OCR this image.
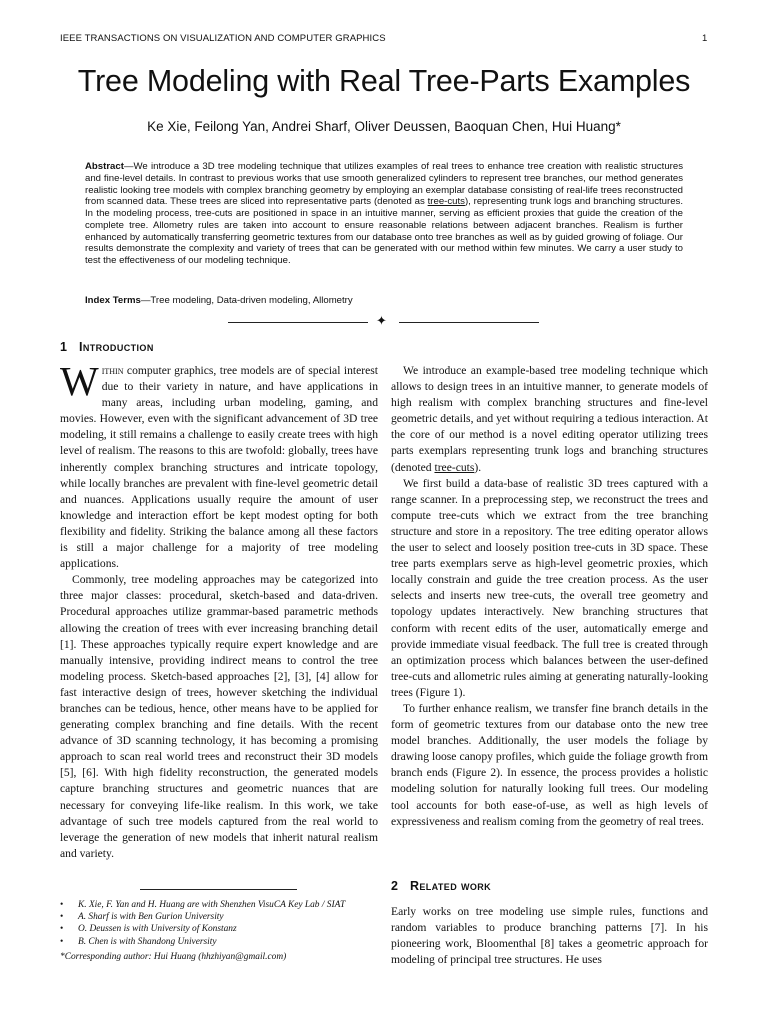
IEEE TRANSACTIONS ON VISUALIZATION AND COMPUTER GRAPHICS	1
Tree Modeling with Real Tree-Parts Examples
Ke Xie, Feilong Yan, Andrei Sharf, Oliver Deussen, Baoquan Chen, Hui Huang*

Abstract—We introduce a 3D tree modeling technique that utilizes examples of real trees to enhance tree creation with realistic structures and fine-level details. In contrast to previous works that use smooth generalized cylinders to represent tree branches, our method generates realistic looking tree models with complex branching geometry by employing an exemplar database consisting of real-life trees reconstructed from scanned data. These trees are sliced into representative parts (denoted as tree-cuts), representing trunk logs and branching structures. In the modeling process, tree-cuts are positioned in space in an intuitive manner, serving as efficient proxies that guide the creation of the complete tree. Allometry rules are taken into account to ensure reasonable relations between adjacent branches. Realism is further enhanced by automatically transferring geometric textures from our database onto tree branches as well as by guided growing of foliage. Our results demonstrate the complexity and variety of trees that can be generated with our method within few minutes. We carry a user study to test the effectiveness of our modeling technique.

Index Terms—Tree modeling, Data-driven modeling, Allometry

✦
1 Introduction

Within computer graphics, tree models are of special interest due to their variety in nature, and have applications in many areas, including urban modeling, gaming, and movies. However, even with the significant advancement of 3D tree modeling, it still remains a challenge to easily create trees with high level of realism. The reasons to this are twofold: globally, trees have inherently complex branching structures and intricate topology, while locally branches are prevalent with fine-level geometric detail and nuances. Applications usually require the amount of user knowledge and interaction effort be kept modest opting for both flexibility and fidelity. Striking the balance among all these factors is still a major challenge for a majority of tree modeling applications.

Commonly, tree modeling approaches may be categorized into three major classes: procedural, sketch-based and data-driven. Procedural approaches utilize grammar-based parametric methods allowing the creation of trees with ever increasing branching detail [1]. These approaches typically require expert knowledge and are manually intensive, providing indirect means to control the tree modeling process. Sketch-based approaches [2], [3], [4] allow for fast interactive design of trees, however sketching the individual branches can be tedious, hence, other means have to be applied for generating complex branching and fine details. With the recent advance of 3D scanning technology, it has becoming a promising approach to scan real world trees and reconstruct their 3D models [5], [6]. With high fidelity reconstruction, the generated models capture branching structures and geometric nuances that are necessary for conveying life-like realism. In this work, we take advantage of such tree models captured from the real world to leverage the generation of new models that inherit natural realism and variety.

We introduce an example-based tree modeling technique which allows to design trees in an intuitive manner, to generate models of high realism with complex branching structures and fine-level geometric details, and yet without requiring a tedious interaction. At the core of our method is a novel editing operator utilizing trees parts exemplars representing trunk logs and branching structures (denoted tree-cuts).

We first build a data-base of realistic 3D trees captured with a range scanner. In a preprocessing step, we reconstruct the trees and compute tree-cuts which we extract from the tree branching structure and store in a repository. The tree editing operator allows the user to select and loosely position tree-cuts in 3D space. These tree parts exemplars serve as high-level geometric proxies, which locally constrain and guide the tree creation process. As the user selects and inserts new tree-cuts, the overall tree geometry and topology updates interactively. New branching structures that conform with recent edits of the user, automatically emerge and provide immediate visual feedback. The full tree is created through an optimization process which balances between the user-defined tree-cuts and allometric rules aiming at generating naturally-looking trees (Figure 1).

To further enhance realism, we transfer fine branch details in the form of geometric textures from our database onto the new tree model branches. Additionally, the user models the foliage by drawing loose canopy profiles, which guide the foliage growth from branch ends (Figure 2). In essence, the process provides a holistic modeling solution for naturally looking full trees. Our modeling tool accounts for both ease-of-use, as well as high levels of expressiveness and realism coming from the geometry of real trees.

2 Related work

Early works on tree modeling use simple rules, functions and random variables to produce branching patterns [7]. In his pioneering work, Bloomenthal [8] takes a geometric approach for modeling of principal tree structures. He uses

• K. Xie, F. Yan and H. Huang are with Shenzhen VisuCA Key Lab / SIAT
• A. Sharf is with Ben Gurion University
• O. Deussen is with University of Konstanz
• B. Chen is with Shandong University
*Corresponding author: Hui Huang (hhzhiyan@gmail.com)
